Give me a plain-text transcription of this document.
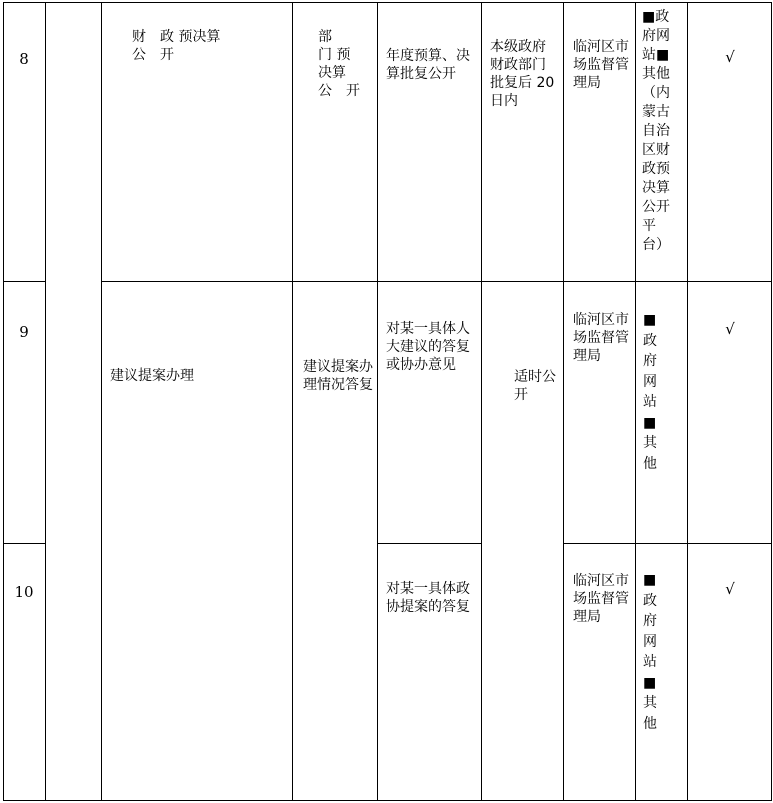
8
财　政 预决算
公　开
部
门 预
决算
公　开
年度预算、决算批复公开
本级政府财政部门批复后 20 日内
临河区市场监督管理局
■政府网站■其他（内蒙古自治区财政预决算公开平台）
√
9
建议提案办理
建议提案办理情况答复
对某一具体人大建议的答复或协办意见
适时公开
临河区市场监督管理局
■政府网站■其他
√
10	对某一具体政协提案的答复
临河区市场监督管理局
■政府网站■其他
√
